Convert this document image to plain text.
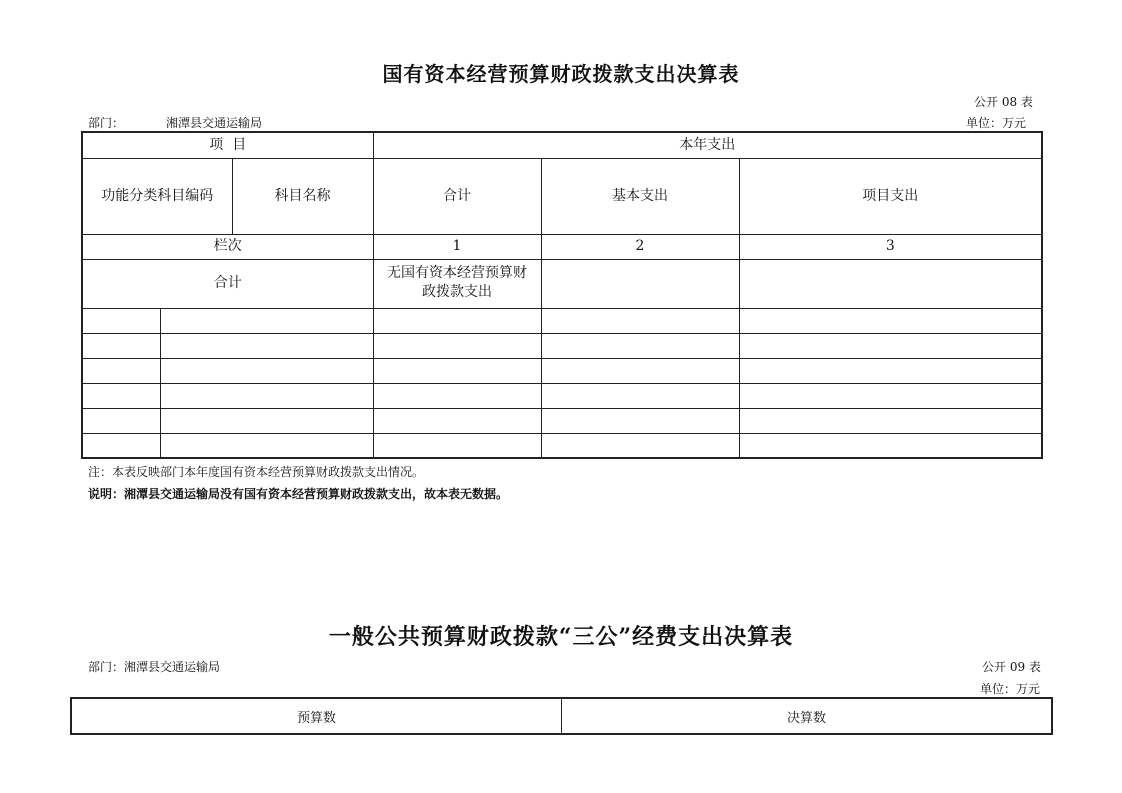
国有资本经营预算财政拨款支出决算表
公开 08 表
部门：	湘潭县交通运输局	单位：万元
项  目			本年支出		
功能分类科目编码		科目名称	合计	基本支出	项目支出
栏次			1	2	3
合计			无国有资本经营预算财政拨款支出		

注：本表反映部门本年度国有资本经营预算财政拨款支出情况。
说明：湘潭县交通运输局没有国有资本经营预算财政拨款支出，故本表无数据。
一般公共预算财政拨款“三公”经费支出决算表
部门：湘潭县交通运输局	公开 09 表
单位：万元
预算数	决算数
